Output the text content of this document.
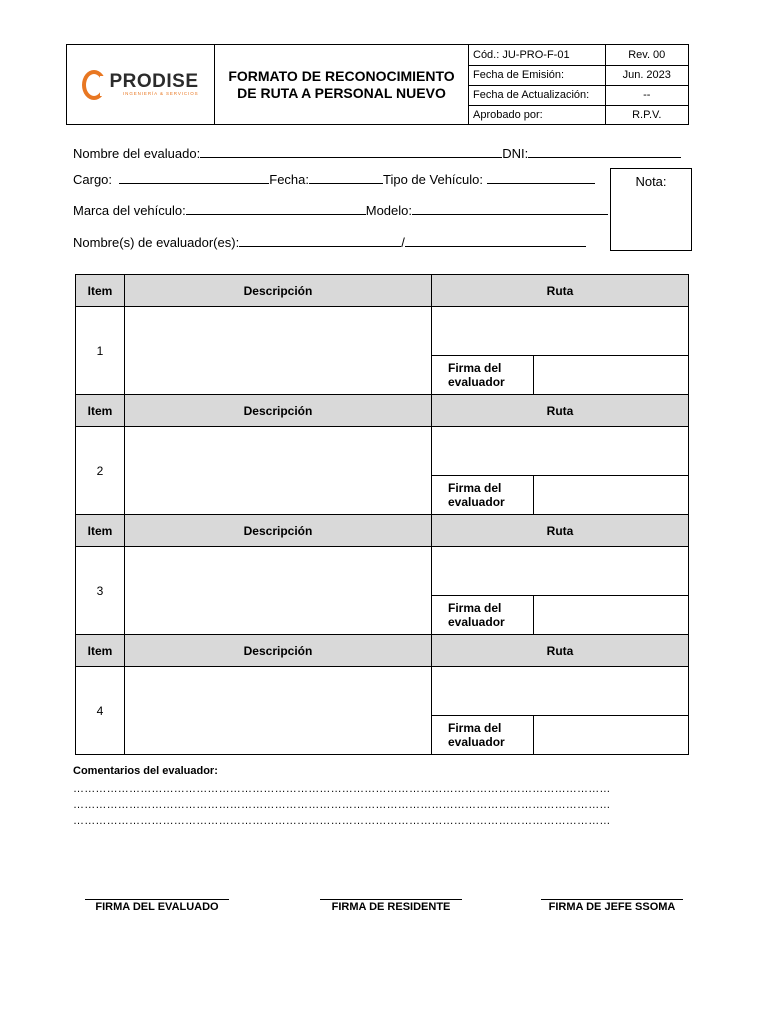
PRODISE
INGENIERÍA & SERVICIOS
FORMATO DE RECONOCIMIENTO DE RUTA A PERSONAL NUEVO
Cód.: JU-PRO-F-01	Rev. 00
Fecha de Emisión:	Jun. 2023
Fecha de Actualización:	--
Aprobado por:	R.P.V.
Nombre del evaluado:	DNI:
Cargo:	Fecha:	Tipo de Vehículo:
Marca del vehículo:	Modelo:
Nombre(s) de evaluador(es):	/
Nota:
Item	Descripción	Ruta
1		

Firma del
evaluador	

Item	Descripción	Ruta
2		

Firma del
evaluador	

Item	Descripción	Ruta
3		

Firma del
evaluador	

Item	Descripción	Ruta
4		

Firma del
evaluador	
Comentarios del evaluador:
………………………………………………………………………………………………………………………………
………………………………………………………………………………………………………………………………
………………………………………………………………………………………………………………………………
FIRMA DEL EVALUADO	FIRMA DE RESIDENTE	FIRMA DE JEFE SSOMA
